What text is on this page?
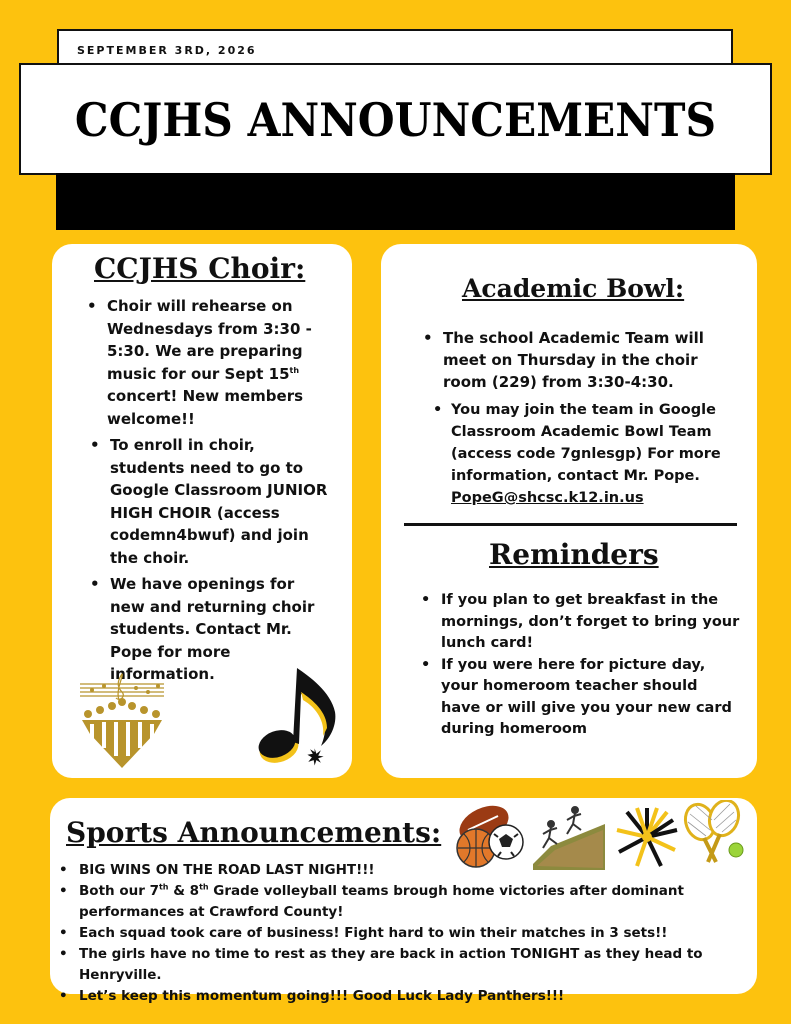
SEPTEMBER 3RD, 2026
CCJHS ANNOUNCEMENTS
CCJHS Choir:
• Choir will rehearse on Wednesdays from 3:30 - 5:30. We are preparing music for our Sept 15th concert! New members welcome!!
• To enroll in choir, students need to go to Google Classroom JUNIOR HIGH CHOIR (access codemn4bwuf) and join the choir.
• We have openings for new and returning choir students. Contact Mr. Pope for more information.
Academic Bowl:
• The school Academic Team will meet on Thursday in the choir room (229) from 3:30-4:30.
• You may join the team in Google Classroom Academic Bowl Team (access code 7gnlesgp) For more information, contact Mr. Pope. PopeG@shcsc.k12.in.us
Reminders
• If you plan to get breakfast in the mornings, don’t forget to bring your lunch card!
• If you were here for picture day, your homeroom teacher should have or will give you your new card during homeroom
Sports Announcements:
• BIG WINS ON THE ROAD LAST NIGHT!!!
• Both our 7th & 8th Grade volleyball teams brough home victories after dominant performances at Crawford County!
• Each squad took care of business! Fight hard to win their matches in 3 sets!!
• The girls have no time to rest as they are back in action TONIGHT as they head to Henryville.
• Let’s keep this momentum going!!! Good Luck Lady Panthers!!!
